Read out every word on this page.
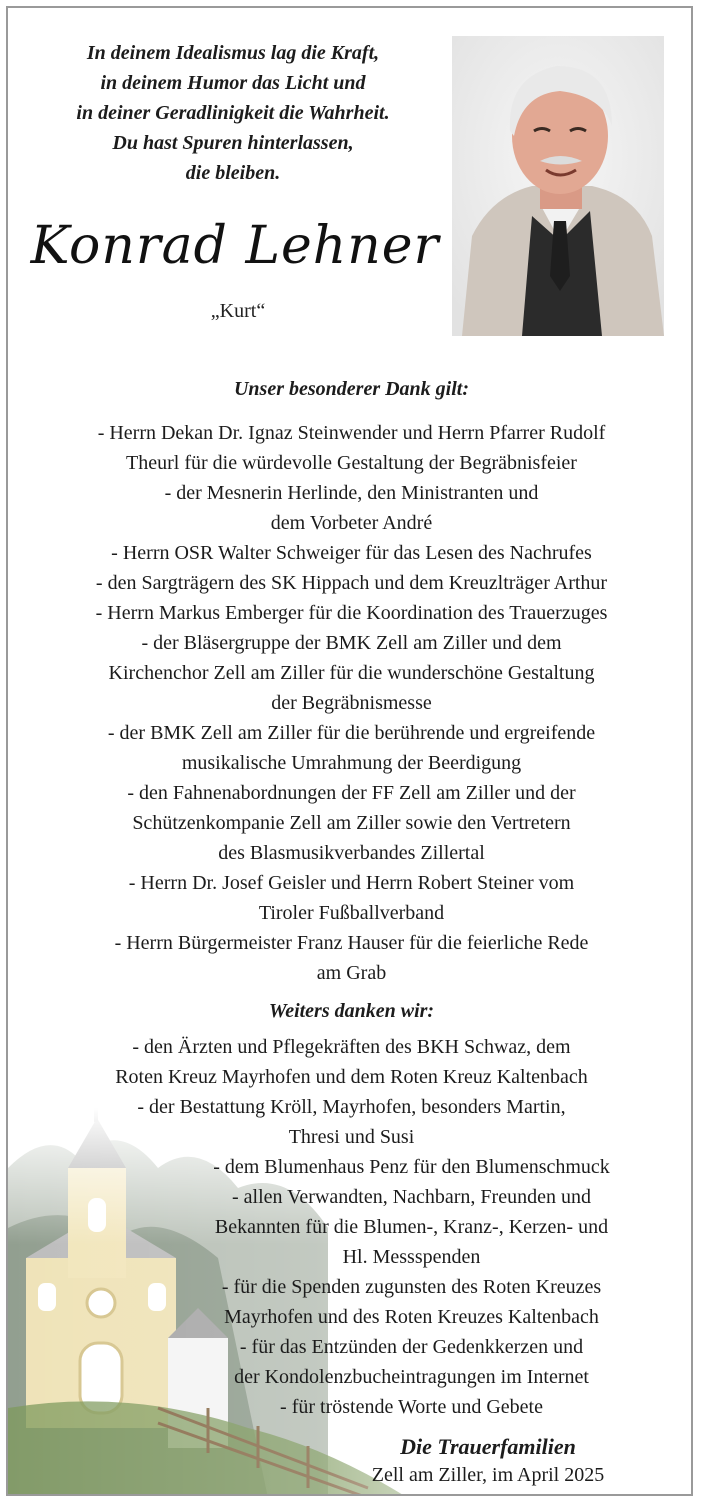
In deinem Idealismus lag die Kraft,
in deinem Humor das Licht und
in deiner Geradlinigkeit die Wahrheit.
Du hast Spuren hinterlassen,
die bleiben.
Konrad Lehner
„Kurt“
Unser besonderer Dank gilt:
- Herrn Dekan Dr. Ignaz Steinwender und Herrn Pfarrer Rudolf
Theurl für die würdevolle Gestaltung der Begräbnisfeier
- der Mesnerin Herlinde, den Ministranten und
dem Vorbeter André
- Herrn OSR Walter Schweiger für das Lesen des Nachrufes
- den Sargträgern des SK Hippach und dem Kreuzlträger Arthur
- Herrn Markus Emberger für die Koordination des Trauerzuges
- der Bläsergruppe der BMK Zell am Ziller und dem
Kirchenchor Zell am Ziller für die wunderschöne Gestaltung
der Begräbnismesse
- der BMK Zell am Ziller für die berührende und ergreifende
musikalische Umrahmung der Beerdigung
- den Fahnenabordnungen der FF Zell am Ziller und der
Schützenkompanie Zell am Ziller sowie den Vertretern
des Blasmusikverbandes Zillertal
- Herrn Dr. Josef Geisler und Herrn Robert Steiner vom
Tiroler Fußballverband
- Herrn Bürgermeister Franz Hauser für die feierliche Rede
am Grab
Weiters danken wir:
- den Ärzten und Pflegekräften des BKH Schwaz, dem
Roten Kreuz Mayrhofen und dem Roten Kreuz Kaltenbach
- der Bestattung Kröll, Mayrhofen, besonders Martin,
Thresi und Susi
- dem Blumenhaus Penz für den Blumenschmuck
- allen Verwandten, Nachbarn, Freunden und
Bekannten für die Blumen-, Kranz-, Kerzen- und
Hl. Messspenden
- für die Spenden zugunsten des Roten Kreuzes
Mayrhofen und des Roten Kreuzes Kaltenbach
- für das Entzünden der Gedenkkerzen und
der Kondolenzbucheintragungen im Internet
- für tröstende Worte und Gebete
Die Trauerfamilien
Zell am Ziller, im April 2025
